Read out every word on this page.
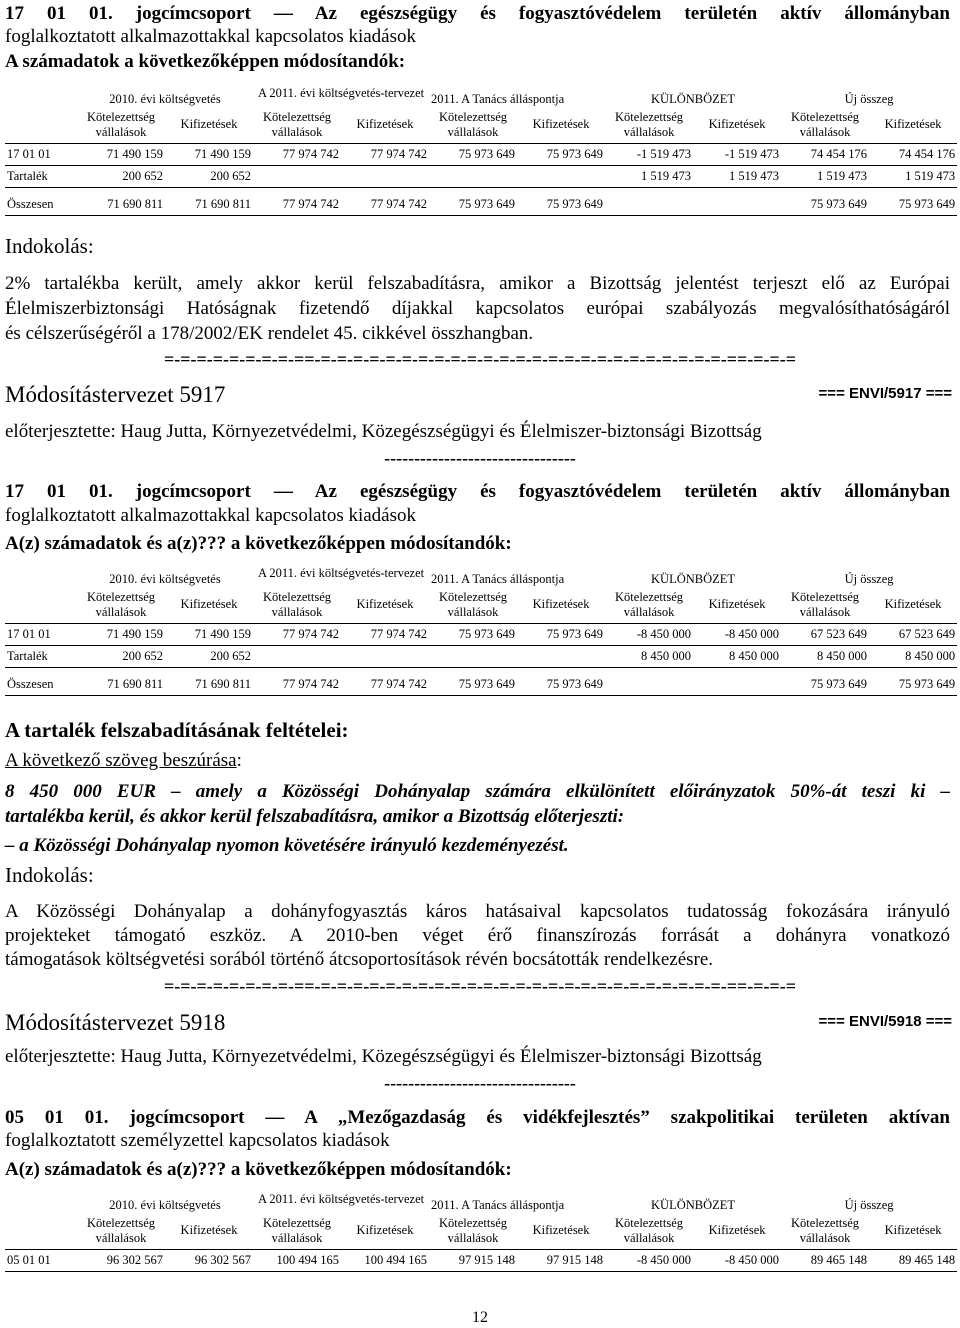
17 01 01. jogcímcsoport — Az egészségügy és fogyasztóvédelem területén aktív állományban
foglalkoztatott alkalmazottakkal kapcsolatos kiadások
A számadatok a következőképpen módosítandók:
	2010. évi költségvetés		A 2011. évi költségvetés-tervezet		2011. A Tanács álláspontja		KÜLÖNBÖZET		Új összeg	
	Kötelezettség vállalások	Kifizetések	Kötelezettség vállalások	Kifizetések	Kötelezettség vállalások	Kifizetések	Kötelezettség vállalások	Kifizetések	Kötelezettség vállalások	Kifizetések
17 01 01	71 490 159	71 490 159	77 974 742	77 974 742	75 973 649	75 973 649	-1 519 473	-1 519 473	74 454 176	74 454 176
Tartalék	200 652	200 652					1 519 473	1 519 473	1 519 473	1 519 473

Összesen	71 690 811	71 690 811	77 974 742	77 974 742	75 973 649	75 973 649			75 973 649	75 973 649
Indokolás:
2% tartalékba került, amely akkor kerül felszabadításra, amikor a Bizottság jelentést terjeszt elő az Európai
Élelmiszerbiztonsági Hatóságnak fizetendő díjakkal kapcsolatos európai szabályozás megvalósíthatóságáról
és célszerűségéről a 178/2002/EK rendelet 45. cikkével összhangban.
=-=-=-=-=-=-=-=-==-=-=-=-=-=-=-=-=-=-=-=-=-=-=-=-=-=-=-=-=-=-=-=-=-=-==-=-=-=
Módosítástervezet 5917	=== ENVI/5917 ===
előterjesztette: Haug Jutta, Környezetvédelmi, Közegészségügyi és Élelmiszer-biztonsági Bizottság
--------------------------------
17 01 01. jogcímcsoport — Az egészségügy és fogyasztóvédelem területén aktív állományban
foglalkoztatott alkalmazottakkal kapcsolatos kiadások
A(z) számadatok és a(z)??? a következőképpen módosítandók:
	2010. évi költségvetés		A 2011. évi költségvetés-tervezet		2011. A Tanács álláspontja		KÜLÖNBÖZET		Új összeg	
	Kötelezettség vállalások	Kifizetések	Kötelezettség vállalások	Kifizetések	Kötelezettség vállalások	Kifizetések	Kötelezettség vállalások	Kifizetések	Kötelezettség vállalások	Kifizetések
17 01 01	71 490 159	71 490 159	77 974 742	77 974 742	75 973 649	75 973 649	-8 450 000	-8 450 000	67 523 649	67 523 649
Tartalék	200 652	200 652					8 450 000	8 450 000	8 450 000	8 450 000

Összesen	71 690 811	71 690 811	77 974 742	77 974 742	75 973 649	75 973 649			75 973 649	75 973 649
A tartalék felszabadításának feltételei:
A következő szöveg beszúrása:
8 450 000 EUR – amely a Közösségi Dohányalap számára elkülönített előirányzatok 50%-át teszi ki –
tartalékba kerül, és akkor kerül felszabadításra, amikor a Bizottság előterjeszti:
– a Közösségi Dohányalap nyomon követésére irányuló kezdeményezést.
Indokolás:
A Közösségi Dohányalap a dohányfogyasztás káros hatásaival kapcsolatos tudatosság fokozására irányuló
projekteket támogató eszköz. A 2010-ben véget érő finanszírozás forrását a dohányra vonatkozó
támogatások költségvetési sorából történő átcsoportosítások révén bocsátották rendelkezésre.
=-=-=-=-=-=-=-=-==-=-=-=-=-=-=-=-=-=-=-=-=-=-=-=-=-=-=-=-=-=-=-=-=-=-==-=-=-=
Módosítástervezet 5918	=== ENVI/5918 ===
előterjesztette: Haug Jutta, Környezetvédelmi, Közegészségügyi és Élelmiszer-biztonsági Bizottság
--------------------------------
05 01 01. jogcímcsoport — A „Mezőgazdaság és vidékfejlesztés” szakpolitikai területen aktívan
foglalkoztatott személyzettel kapcsolatos kiadások
A(z) számadatok és a(z)??? a következőképpen módosítandók:
	2010. évi költségvetés		A 2011. évi költségvetés-tervezet		2011. A Tanács álláspontja		KÜLÖNBÖZET		Új összeg	
	Kötelezettség vállalások	Kifizetések	Kötelezettség vállalások	Kifizetések	Kötelezettség vállalások	Kifizetések	Kötelezettség vállalások	Kifizetések	Kötelezettség vállalások	Kifizetések
05 01 01	96 302 567	96 302 567	100 494 165	100 494 165	97 915 148	97 915 148	-8 450 000	-8 450 000	89 465 148	89 465 148
12
